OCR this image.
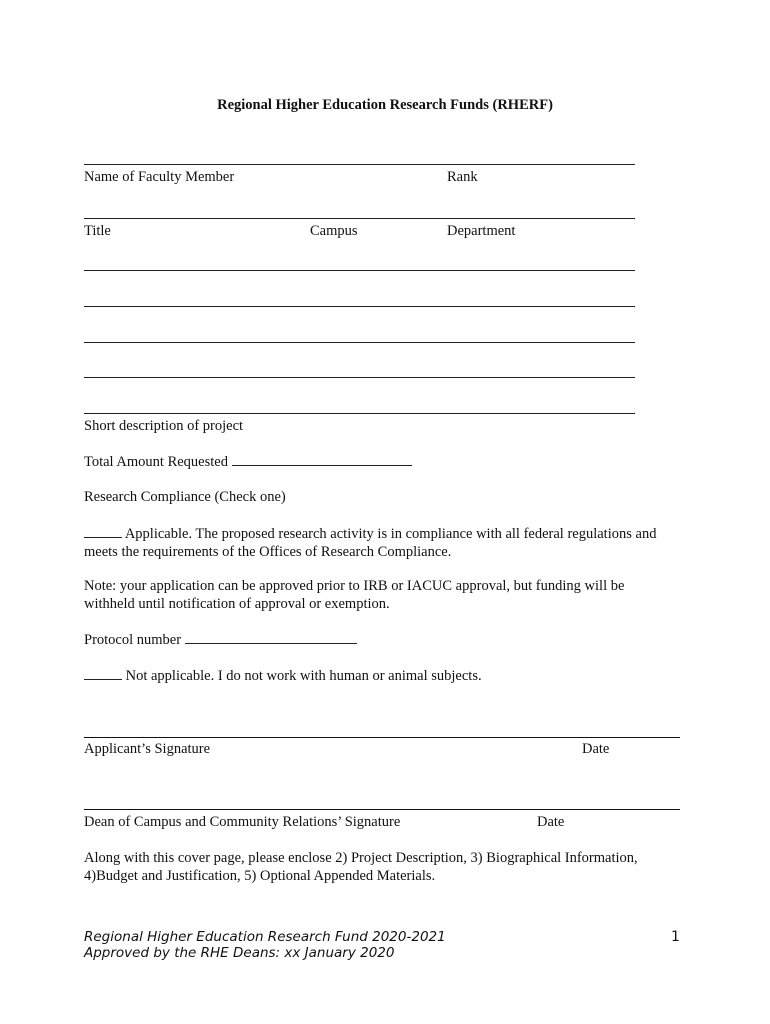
Regional Higher Education Research Funds (RHERF)
Name of Faculty Member	Rank
Title	Campus	Department
Short description of project
Total Amount Requested
Research Compliance (Check one)
Applicable. The proposed research activity is in compliance with all federal regulations and meets the requirements of the Offices of Research Compliance.
Note: your application can be approved prior to IRB or IACUC approval, but funding will be withheld until notification of approval or exemption.
Protocol number
Not applicable. I do not work with human or animal subjects.
Applicant’s Signature	Date
Dean of Campus and Community Relations’ Signature	Date
Along with this cover page, please enclose 2) Project Description, 3) Biographical Information, 4)Budget and Justification, 5) Optional Appended Materials.
Regional Higher Education Research Fund 2020-2021
Approved by the RHE Deans: xx January 2020
1
